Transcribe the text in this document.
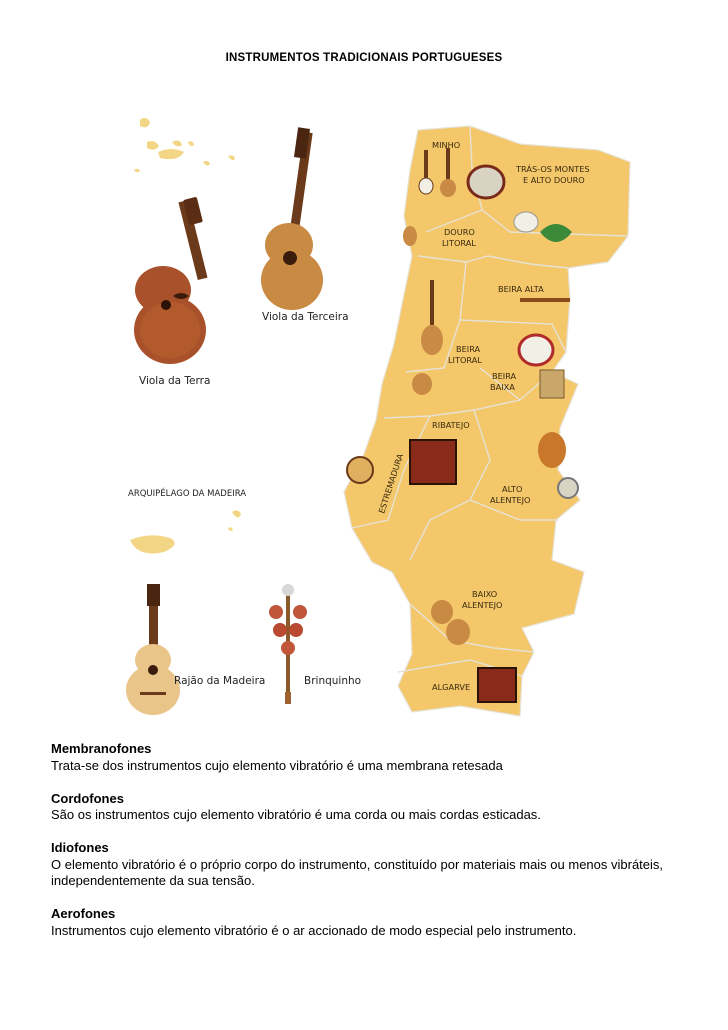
INSTRUMENTOS TRADICIONAIS PORTUGUESES
Viola da Terra
Viola da Terceira
ARQUIPÉLAGO DA MADEIRA
Rajão da Madeira	Brinquinho
MINHO
TRÁS-OS MONTES
E ALTO DOURO
DOURO
LITORAL
BEIRA ALTA
BEIRA
LITORAL
BEIRA
BAIXA
RIBATEJO
ESTREMADURA	ALTO
ALENTEJO
BAIXO
ALENTEJO
ALGARVE
Membranofones
Trata-se dos instrumentos cujo elemento vibratório é uma membrana retesada
Cordofones
São os instrumentos cujo elemento vibratório é uma corda ou mais cordas esticadas.
Idiofones
O elemento vibratório é o próprio corpo do instrumento, constituído por materiais mais ou menos vibráteis, independentemente da sua tensão.
Aerofones
Instrumentos cujo elemento vibratório é o ar accionado de modo especial pelo instrumento.
